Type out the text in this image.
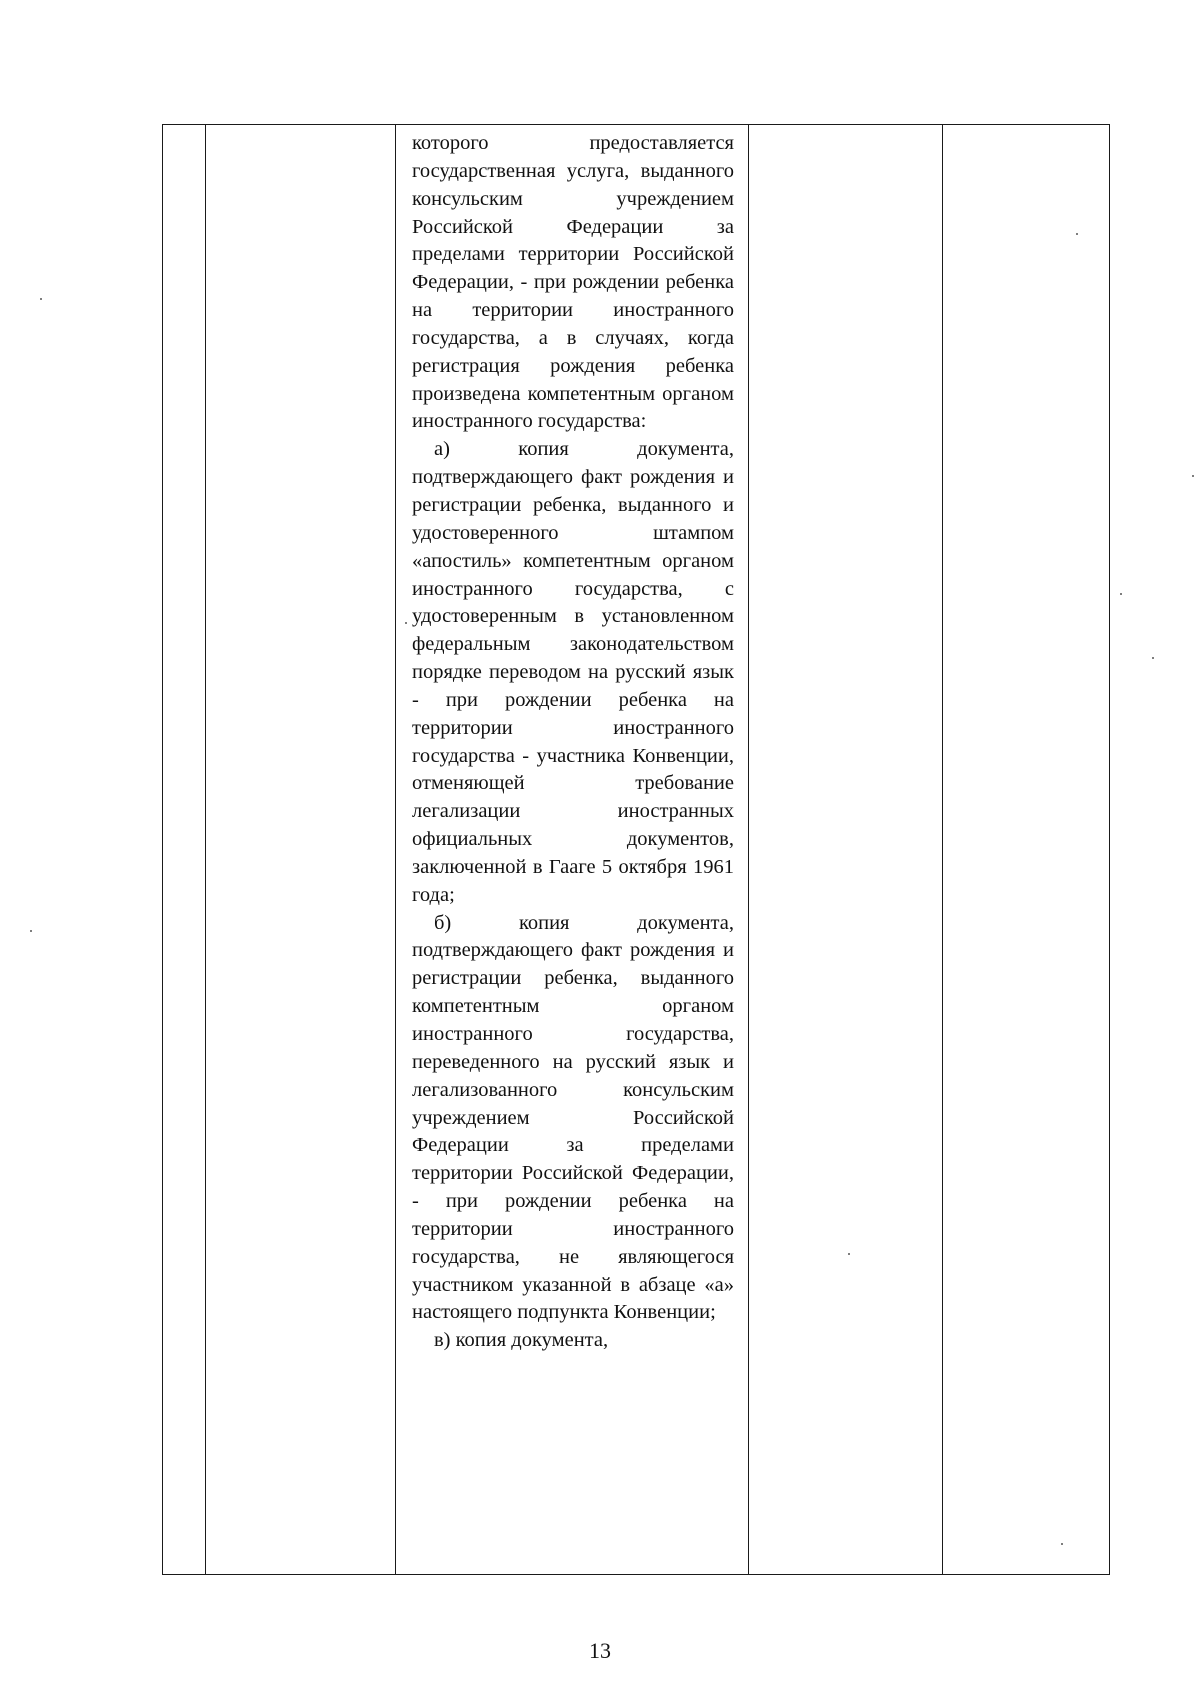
которого предоставляется государственная услуга, выданного консульским учреждением Российской Федерации за пределами территории Российской Федерации, - при рождении ребенка на территории иностранного государства, а в случаях, когда регистрация рождения ребенка произведена компетентным органом иностранного государства:

а) копия документа, подтверждающего факт рождения и регистрации ребенка, выданного и удостоверенного штампом «апостиль» компетентным органом иностранного государства, с удостоверенным в установленном федеральным законодательством порядке переводом на русский язык - при рождении ребенка на территории иностранного государства - участника Конвенции, отменяющей требование легализации иностранных официальных документов, заключенной в Гааге 5 октября 1961 года;

б) копия документа, подтверждающего факт рождения и регистрации ребенка, выданного компетентным органом иностранного государства, переведенного на русский язык и легализованного консульским учреждением Российской Федерации за пределами территории Российской Федерации, - при рождении ребенка на территории иностранного государства, не являющегося участником указанной в абзаце «а» настоящего подпункта Конвенции;

в) копия документа,

13
